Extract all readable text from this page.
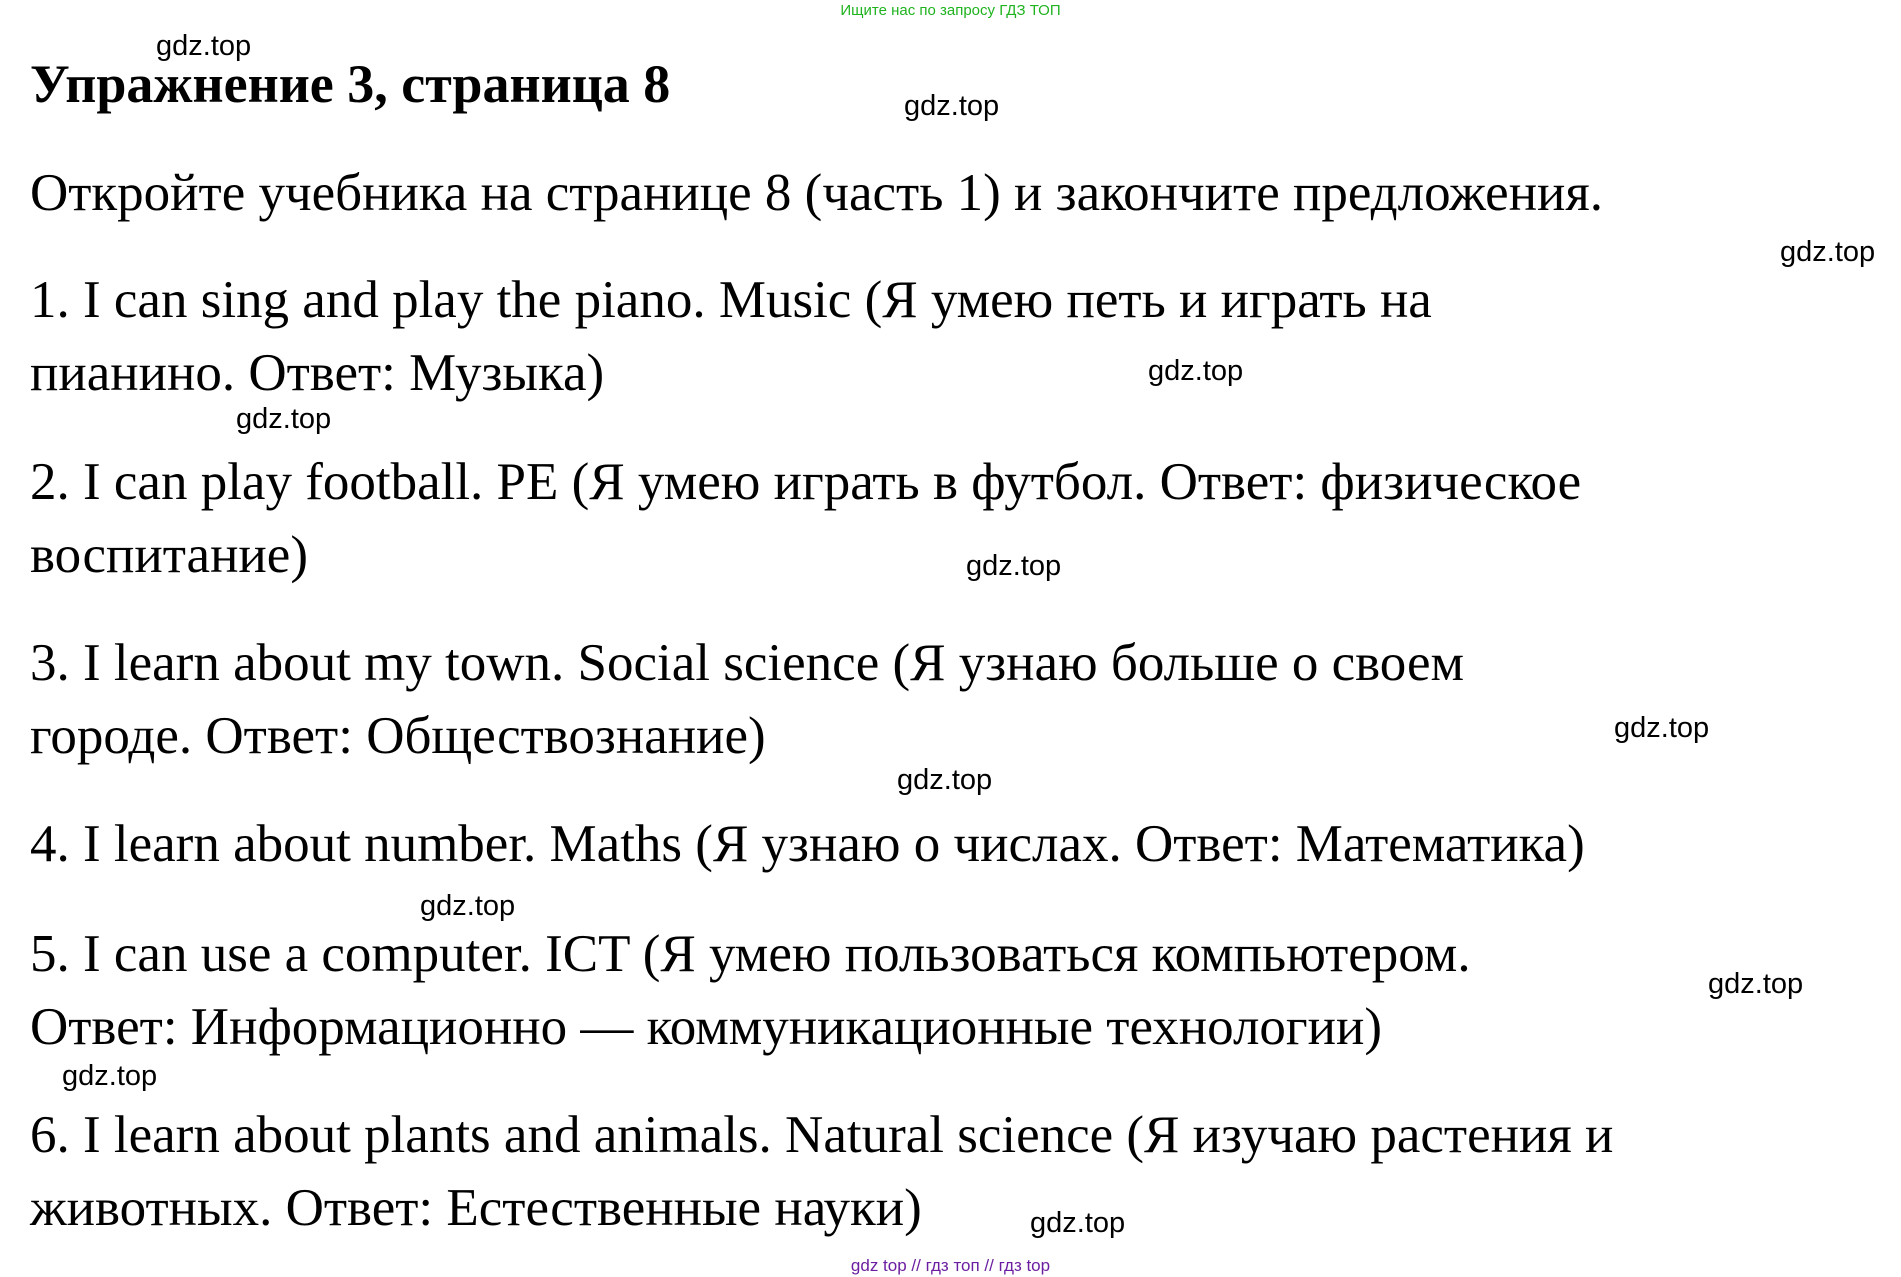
Ищите нас по запросу ГДЗ ТОП
Упражнение 3, страница 8
Откройте учебника на странице 8 (часть 1) и закончите предложения.
1. I can sing and play the piano. Music (Я умею петь и играть на
пианино. Ответ: Музыка)
2. I can play football. PE (Я умею играть в футбол. Ответ: физическое
воспитание)
3. I learn about my town. Social science (Я узнаю больше о своем
городе. Ответ: Обществознание)
4. I learn about number. Maths (Я узнаю о числах. Ответ: Математика)
5. I can use a computer. ICT (Я умею пользоваться компьютером.
Ответ: Информационно — коммуникационные технологии)
6. I learn about plants and animals. Natural science (Я изучаю растения и
животных. Ответ: Естественные науки)
gdz.top
gdz.top
gdz.top
gdz.top
gdz.top
gdz.top
gdz.top
gdz.top
gdz.top
gdz.top
gdz.top
gdz.top
gdz top // гдз топ // гдз top
